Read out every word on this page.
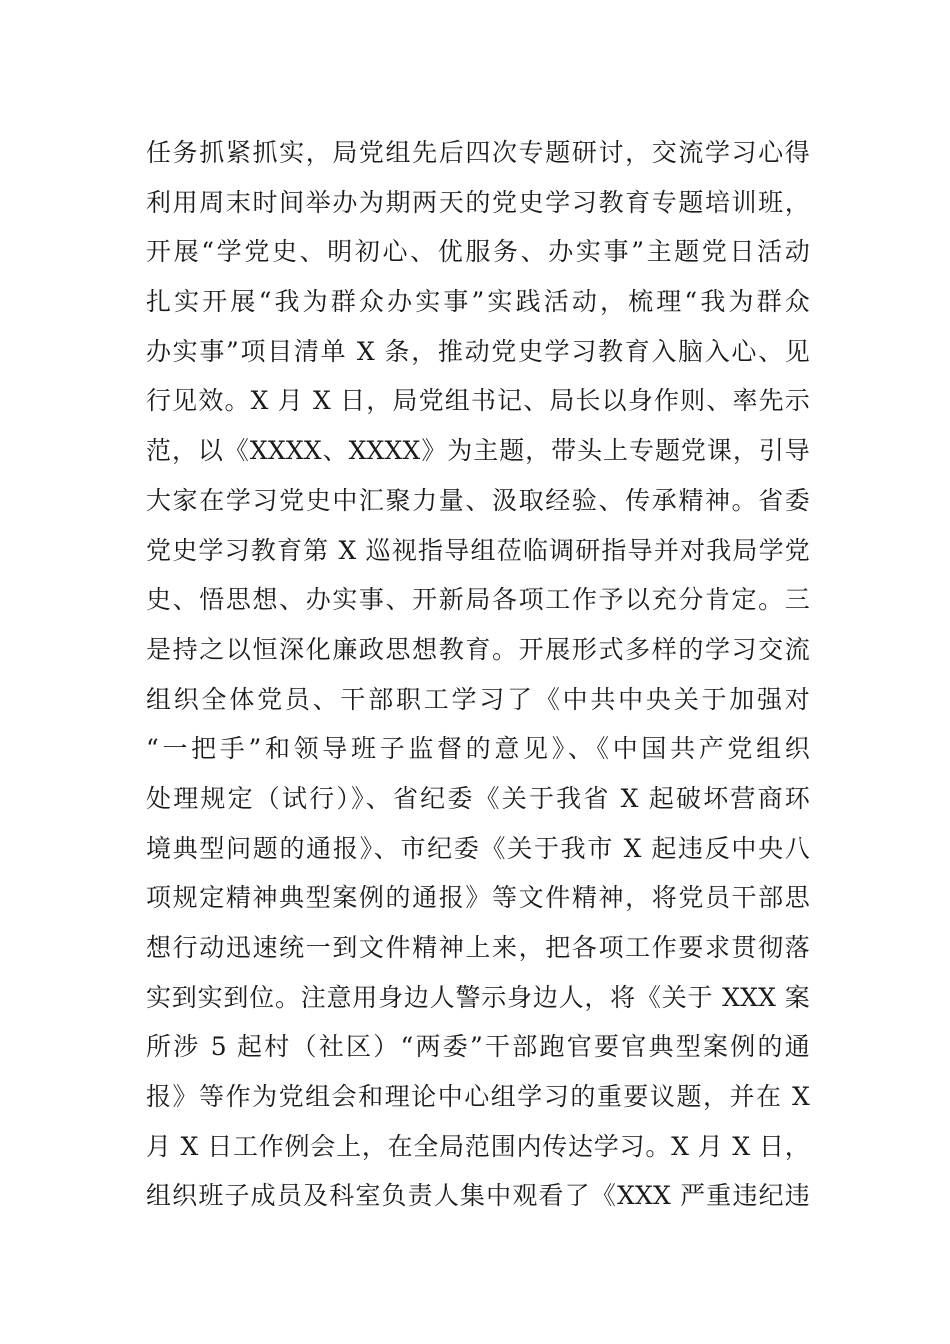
任务抓紧抓实，局党组先后四次专题研讨，交流学习心得
利用周末时间举办为期两天的党史学习教育专题培训班，
开展“学党史、明初心、优服务、办实事”主题党日活动
扎实开展“我为群众办实事”实践活动，梳理“我为群众
办实事”项目清单 X 条，推动党史学习教育入脑入心、见
行见效。X 月 X 日，局党组书记、局长以身作则、率先示
范，以《XXXX、XXXX》为主题，带头上专题党课，引导
大家在学习党史中汇聚力量、汲取经验、传承精神。省委
党史学习教育第 X 巡视指导组莅临调研指导并对我局学党
史、悟思想、办实事、开新局各项工作予以充分肯定。三
是持之以恒深化廉政思想教育。开展形式多样的学习交流
组织全体党员、干部职工学习了《中共中央关于加强对
“一把手”和领导班子监督的意见》、《中国共产党组织
处理规定（试行）》、省纪委《关于我省 X 起破坏营商环
境典型问题的通报》、市纪委《关于我市 X 起违反中央八
项规定精神典型案例的通报》等文件精神，将党员干部思
想行动迅速统一到文件精神上来，把各项工作要求贯彻落
实到实到位。注意用身边人警示身边人，将《关于 XXX 案
所涉 5 起村（社区）“两委”干部跑官要官典型案例的通
报》等作为党组会和理论中心组学习的重要议题，并在 X
月 X 日工作例会上，在全局范围内传达学习。X 月 X 日，
组织班子成员及科室负责人集中观看了《XXX 严重违纪违
